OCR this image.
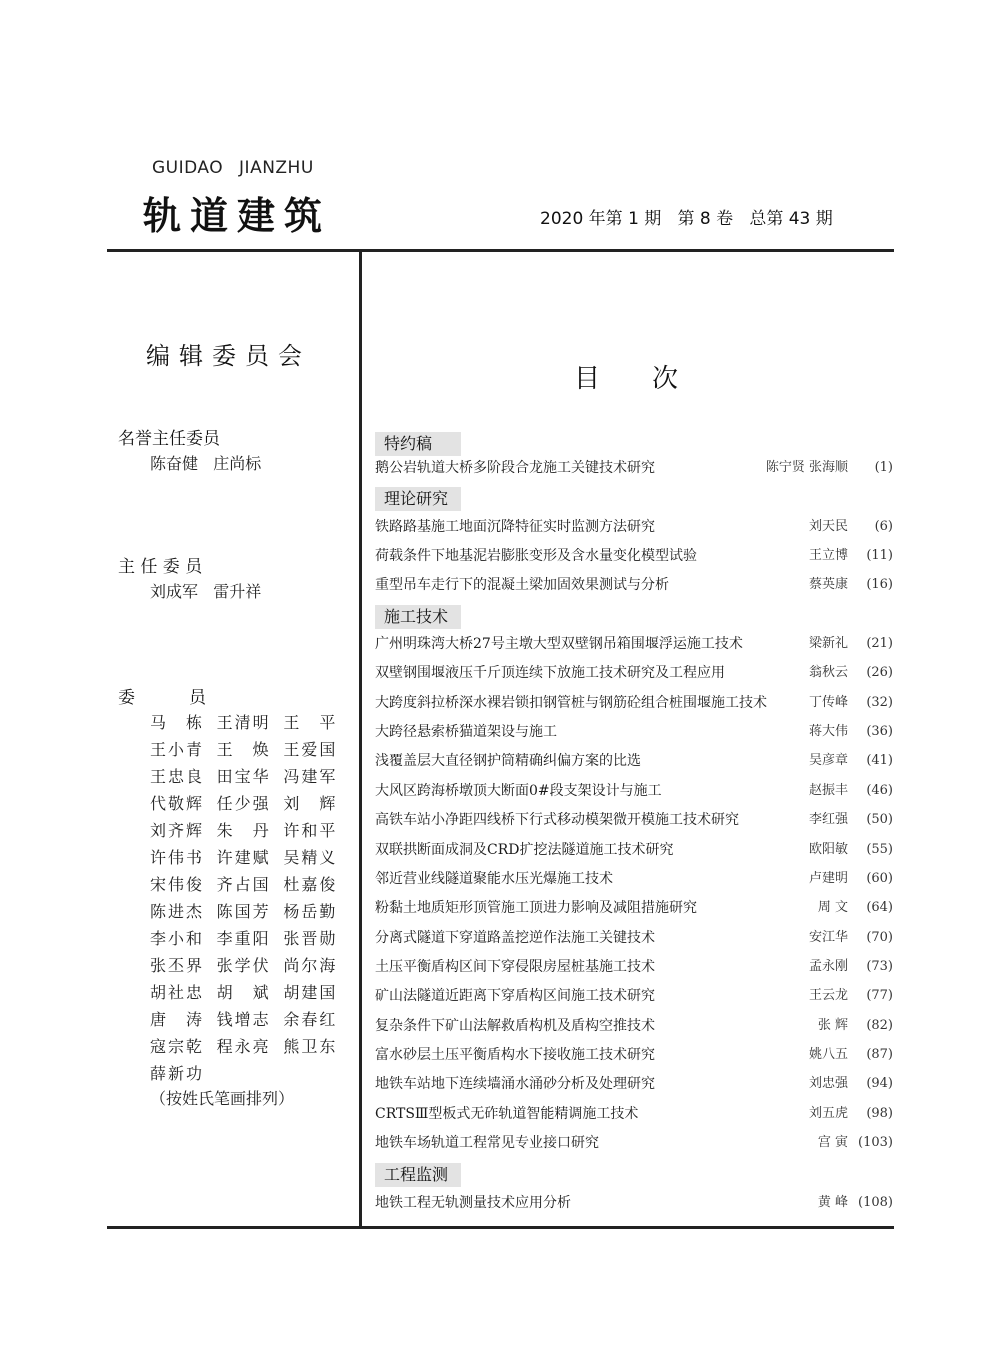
GUIDAO JIANZHU
轨道建筑	2020 年第 1 期   第 8 卷   总第 43 期
编辑委员会
名誉主任委员
陈奋健   庄尚标
主 任 委 员
刘成军   雷升祥
委          员
马 栋 王清明 王 平
王小青 王 焕 王爱国
王忠良 田宝华 冯建军
代敬辉 任少强 刘 辉
刘齐辉 朱 丹 许和平
许伟书 许建赋 吴精义
宋伟俊 齐占国 杜嘉俊
陈进杰 陈国芳 杨岳勤
李小和 李重阳 张晋勋
张丕界 张学伏 尚尔海
胡社忠 胡 斌 胡建国
唐 涛 钱增志 余春红
寇宗乾 程永亮 熊卫东
薛新功
（按姓氏笔画排列）
目次
特约稿
鹅公岩轨道大桥多阶段合龙施工关键技术研究	陈宁贤 张海顺 (1)
理论研究
铁路路基施工地面沉降特征实时监测方法研究	刘天民 (6)
荷载条件下地基泥岩膨胀变形及含水量变化模型试验	王立博 (11)
重型吊车走行下的混凝土梁加固效果测试与分析	蔡英康 (16)
施工技术
广州明珠湾大桥27号主墩大型双壁钢吊箱围堰浮运施工技术	梁新礼 (21)
双壁钢围堰液压千斤顶连续下放施工技术研究及工程应用	翁秋云 (26)
大跨度斜拉桥深水裸岩锁扣钢管桩与钢筋砼组合桩围堰施工技术	丁传峰 (32)
大跨径悬索桥猫道架设与施工	蒋大伟 (36)
浅覆盖层大直径钢护筒精确纠偏方案的比选	吴彦章 (41)
大风区跨海桥墩顶大断面0#段支架设计与施工	赵振丰 (46)
高铁车站小净距四线桥下行式移动模架微开模施工技术研究	李红强 (50)
双联拱断面成洞及CRD扩挖法隧道施工技术研究	欧阳敏 (55)
邻近营业线隧道聚能水压光爆施工技术	卢建明 (60)
粉黏土地质矩形顶管施工顶进力影响及减阻措施研究	周 文 (64)
分离式隧道下穿道路盖挖逆作法施工关键技术	安江华 (70)
土压平衡盾构区间下穿侵限房屋桩基施工技术	孟永刚 (73)
矿山法隧道近距离下穿盾构区间施工技术研究	王云龙 (77)
复杂条件下矿山法解救盾构机及盾构空推技术	张 辉 (82)
富水砂层土压平衡盾构水下接收施工技术研究	姚八五 (87)
地铁车站地下连续墙涌水涌砂分析及处理研究	刘忠强 (94)
CRTSⅢ型板式无砟轨道智能精调施工技术	刘五虎 (98)
地铁车场轨道工程常见专业接口研究	宫 寅 (103)
工程监测
地铁工程无轨测量技术应用分析	黄 峰 (108)
